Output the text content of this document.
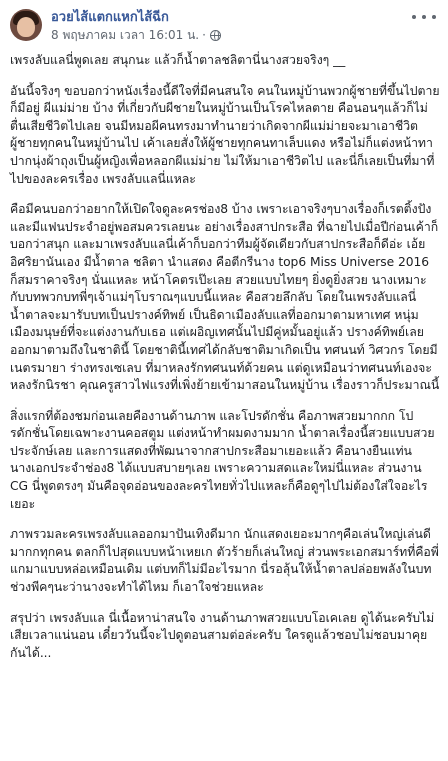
อวยไส้แตกแหกไส้ฉีก
8 พฤษภาคม เวลา 16:01 น. ·

เพรงลับแลนี่พูดเลย สนุกนะ แล้วก็น้ำตาลชลิตานี่นางสวยจริงๆ __

อันนี้จริงๆ ขอบอกว่าหนังเรื่องนี้ดีใจที่มีคนสนใจ คนในหมู่บ้านพวกผู้ชายที่ขึ้นไปตายก็มีอยู่ ผีแม่ม่าย บ้าง ที่เกี่ยวกับผีชายในหมู่บ้านเป็นโรคไหลตาย คือนอนๆแล้วก็ไม่ตื่นเสียชีวิตไปเลย จนมีหมอผีคนทรงมาทำนายว่าเกิดจากผีแม่ม่ายจะมาเอาชีวิตผู้ชายทุกคนในหมู่บ้านไป เค้าเลยสั่งให้ผู้ชายทุกคนทาเล็บแดง หรือไม่ก็แต่งหน้าทาปากนุ่งผ้าถุงเป็นผู้หญิงเพื่อหลอกผีแม่ม่าย ไม่ให้มาเอาชีวิตไป และนี่ก็เลยเป็นที่มาที่ไปของละครเรื่อง เพรงลับแลนี่แหละ

คือมีคนบอกว่าอยากให้เปิดใจดูละครช่อง8 บ้าง เพราะเอาจริงๆบางเรื่องก็เรตติ้งปัง และมีแฟนประจำอยู่พอสมควรเลยนะ อย่างเรื่องสาปกระสือ ที่ฉายไปเมื่อปีก่อนเค้าก็บอกว่าสนุก และมาเพรงลับแลนี่เค้าก็บอกว่าทีมผู้จัดเดียวกับสาปกระสือก็ดีอ่ะ เอ้ย อิศริยานันเอง มีน้ำตาล ชลิตา นำแสดง คือตีกรีนาง top6 Miss Universe 2016 ก็สมราคาจริงๆ นั่นแหละ หน้าโคตรเป๊ะเลย สวยแบบไทยๆ ยิ่งดูยิ่งสวย นางเหมาะกับบทพวกบทพี่ๆเจ้าแม่ๆโบราณๆแบบนี้แหละ คือสวยลึกลับ โดยในเพรงลับแลนี่ น้ำตาลจะมารับบทเป็นปรางค์ทิพย์ เป็นธิดาเมืองลับแลที่ออกมาตามหาเทศ หนุ่มเมืองมนุษย์ที่จะแต่งงานกับเธอ แต่เผอิญเทศนั้นไปมีคู่หมั้นอยู่แล้ว ปรางค์ทิพย์เลยออกมาตามถึงในชาตินี้ โดยชาตินี้เทศได้กลับชาติมาเกิดเป็น ทศนนท์ วิศวกร โดยมี เนตรมายา ร่างทรงเซเลบ ที่มาหลงรักทศนนท์ด้วยคน แต่ดูเหมือนว่าทศนนท์เองจะหลงรักนิรชา คุณครูสาวไฟแรงที่เพิ่งย้ายเข้ามาสอนในหมู่บ้าน เรื่องราวก็ประมาณนี้

สิ่งแรกที่ต้องชมก่อนเลยคืองานด้านภาพ และโปรดักชั่น คือภาพสวยมากกก โปรดักชั่นโดยเฉพาะงานคอสตูม แต่งหน้าทำผมดงามมาก น้ำตาลเรื่องนี้สวยแบบสวยประจักษ์เลย และการแสดงที่พัฒนาจากสาปกระสือมาเยอะแล้ว คือนางยืนแท่นนางเอกประจำช่อง8 ได้แบบสบายๆเลย เพราะความสดและใหม่นี่แหละ ส่วนงาน CG นี่พูดตรงๆ มันคือจุดอ่อนของละครไทยทั่วไปแหละก็คือดูๆไปไม่ต้องใส่ใจอะไรเยอะ

ภาพรวมละครเพรงลับแลออกมาปันเทิงดีมาก นักแสดงเยอะมากๆคือเล่นใหญ่เล่นดีมากกทุกคน ตลกก็ไปสุดแบบหน้าเหยเก ตัวร้ายก็เล่นใหญ่ ส่วนพระเอกสมาร์ทที่คือพี่แกมาแบบหล่อเหมือนเดิม แต่บทก็ไม่มีอะไรมาก นี่รอลุ้นให้น้ำตาลปล่อยพลังในบทช่วงพีคๆนะว่านางจะทำได้ไหม ก็เอาใจช่วยแหละ

สรุปว่า เพรงลับแล นี่เนื้อหาน่าสนใจ งานด้านภาพสวยแบบโอเคเลย ดูได้นะครับไม่เสียเวลาแน่นอน เดี๋ยววันนี้จะไปดูตอนสามต่อล่ะครับ ใครดูแล้วชอบไม่ชอบมาคุยกันได้...
